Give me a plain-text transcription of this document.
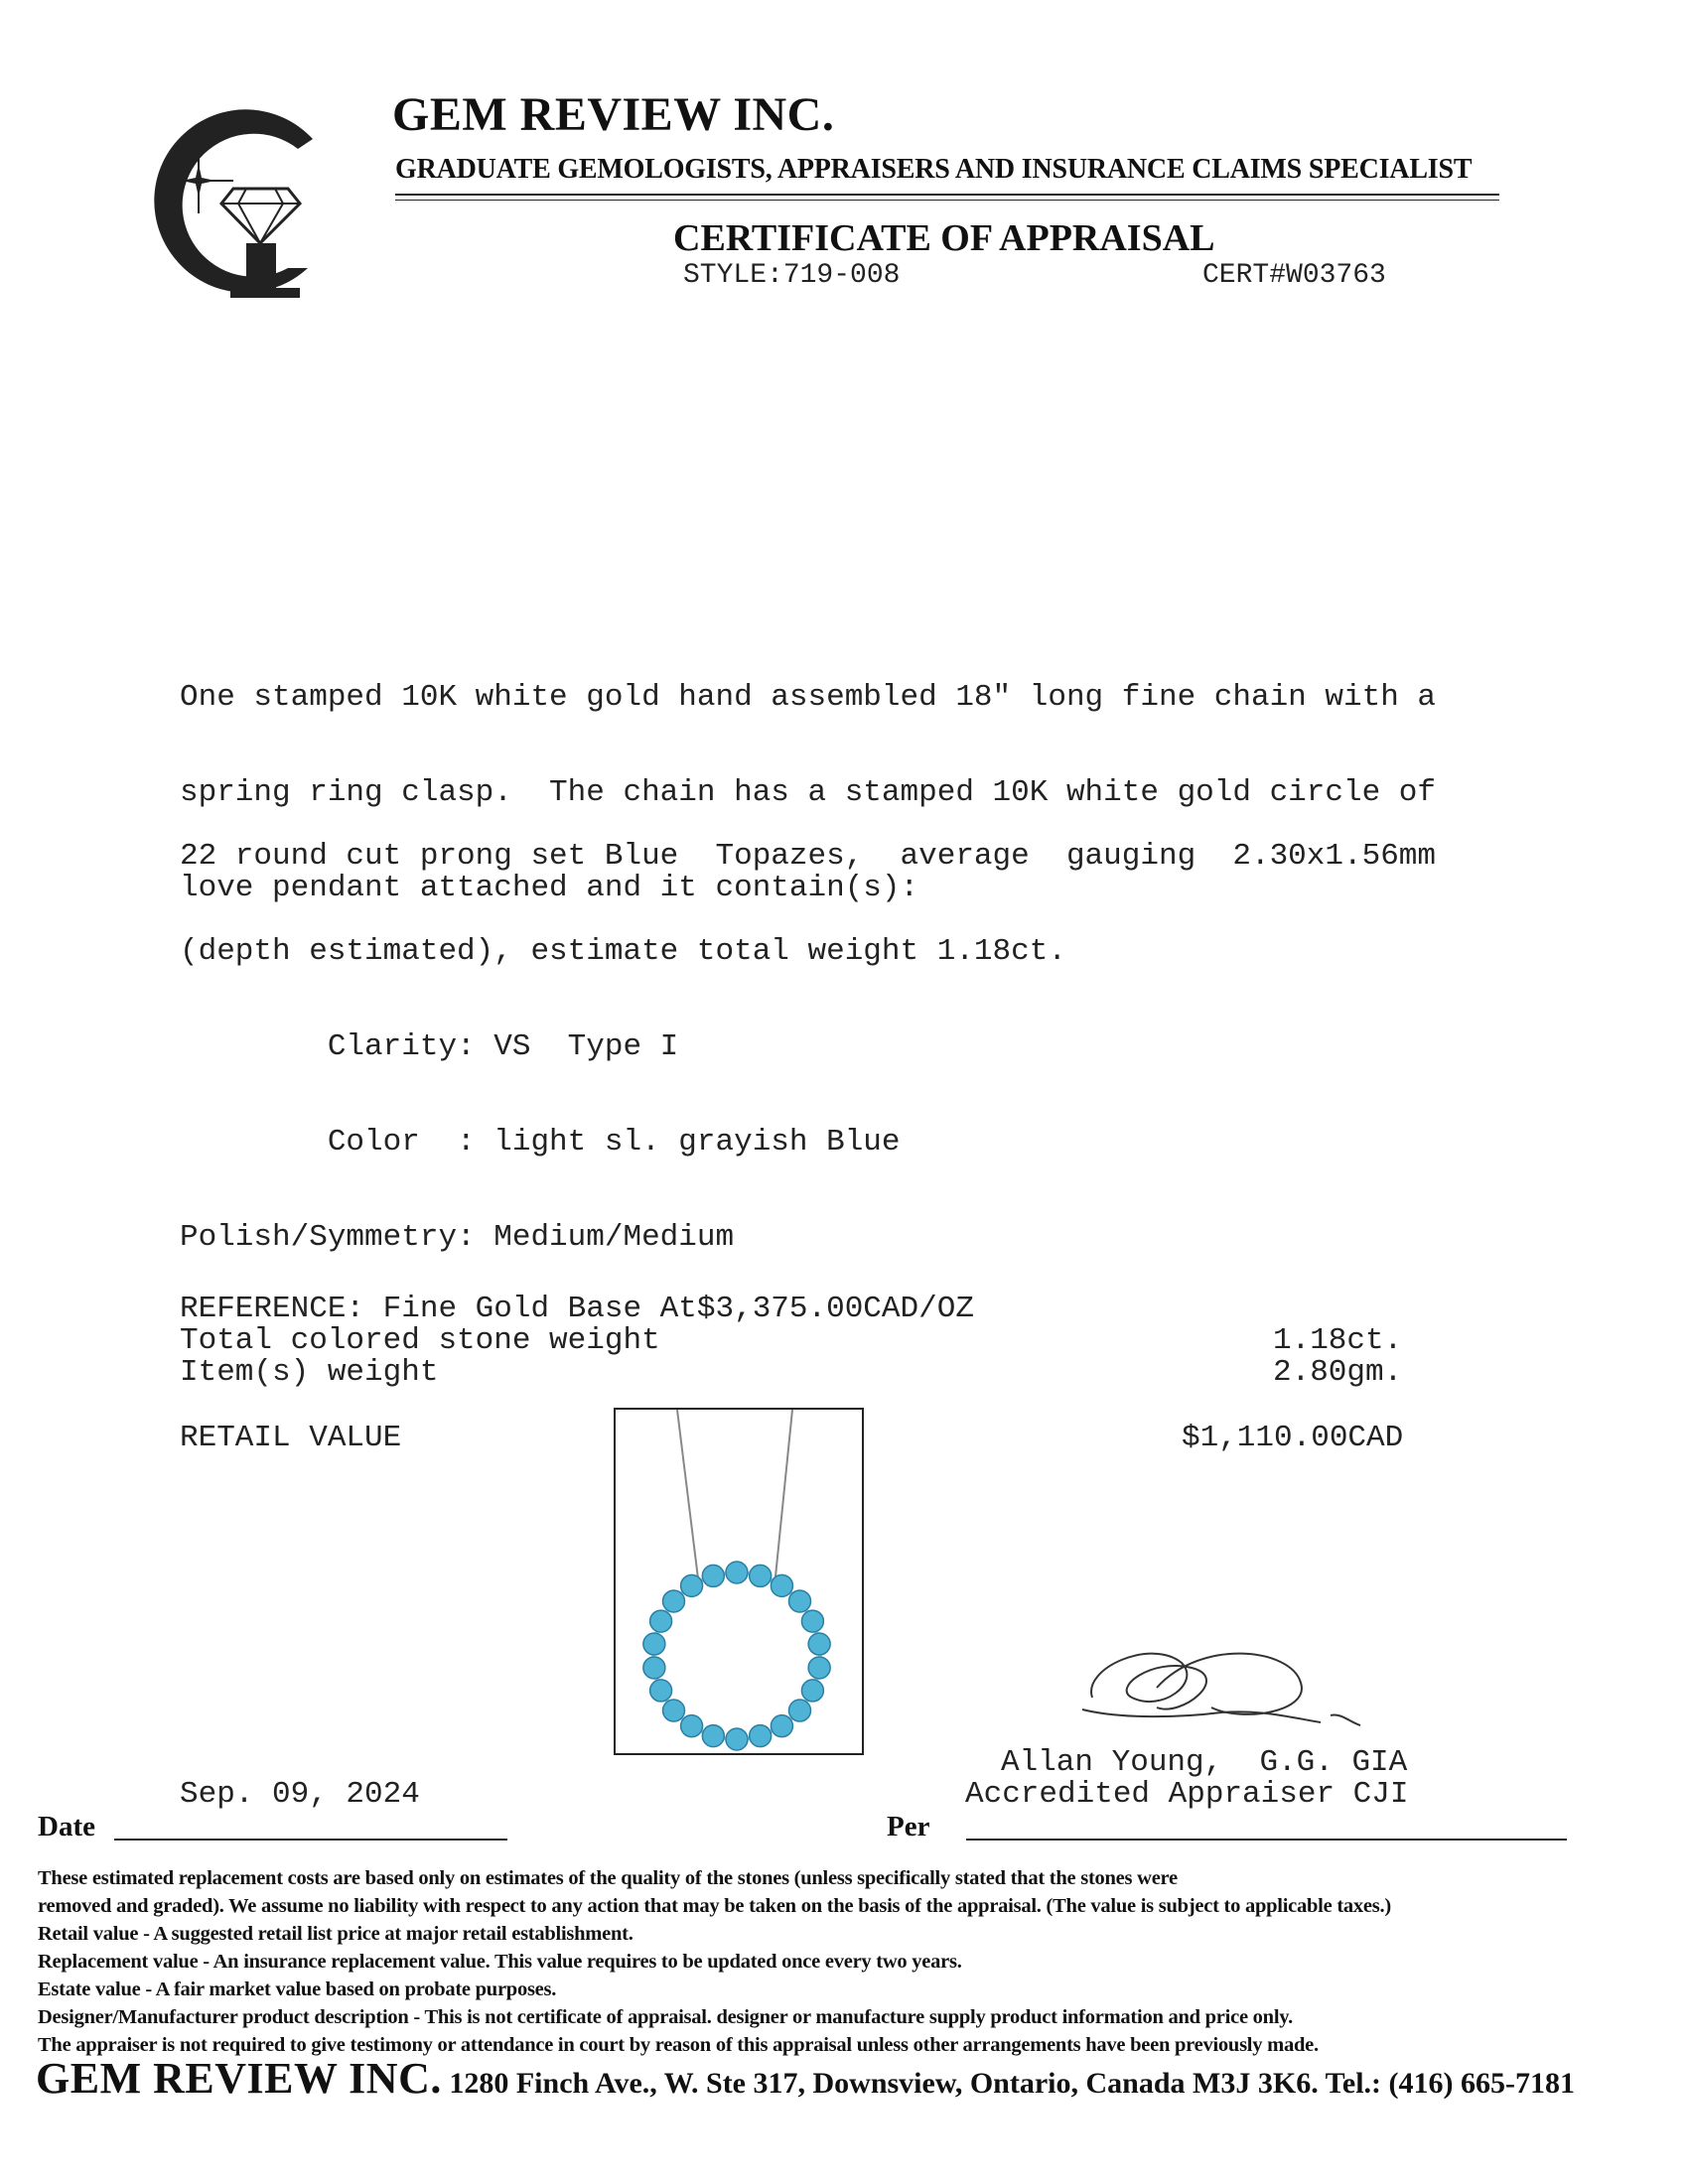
GEM REVIEW INC.
GRADUATE GEMOLOGISTS, APPRAISERS AND INSURANCE CLAIMS SPECIALIST
CERTIFICATE OF APPRAISAL
STYLE:719-008	CERT#W03763

One stamped 10K white gold hand assembled 18" long fine chain with a

spring ring clasp.  The chain has a stamped 10K white gold circle of

love pendant attached and it contain(s):

22 round cut prong set Blue  Topazes,  average  gauging  2.30x1.56mm

(depth estimated), estimate total weight 1.18ct.

Clarity: VS  Type I

Color  : light sl. grayish Blue

Polish/Symmetry: Medium/Medium

REFERENCE: Fine Gold Base At$3,375.00CAD/OZ
Total colored stone weight	1.18ct.
Item(s) weight	2.80gm.
RETAIL VALUE	$1,110.00CAD
Allan Young,  G.G. GIA
Accredited Appraiser CJI
Sep. 09, 2024
Date	Per
These estimated replacement costs are based only on estimates of the quality of the stones (unless specifically stated that the stones were
removed and graded). We assume no liability with respect to any action that may be taken on the basis of the appraisal. (The value is subject to applicable taxes.)
Retail value - A suggested retail list price at major retail establishment.
Replacement value - An insurance replacement value. This value requires to be updated once every two years.
Estate value - A fair market value based on probate purposes.
Designer/Manufacturer product description - This is not certificate of appraisal. designer or manufacture supply product information and price only.
The appraiser is not required to give testimony or attendance in court by reason of this appraisal unless other arrangements have been previously made.
GEM REVIEW INC. 1280 Finch Ave., W. Ste 317, Downsview, Ontario, Canada M3J 3K6. Tel.: (416) 665-7181
